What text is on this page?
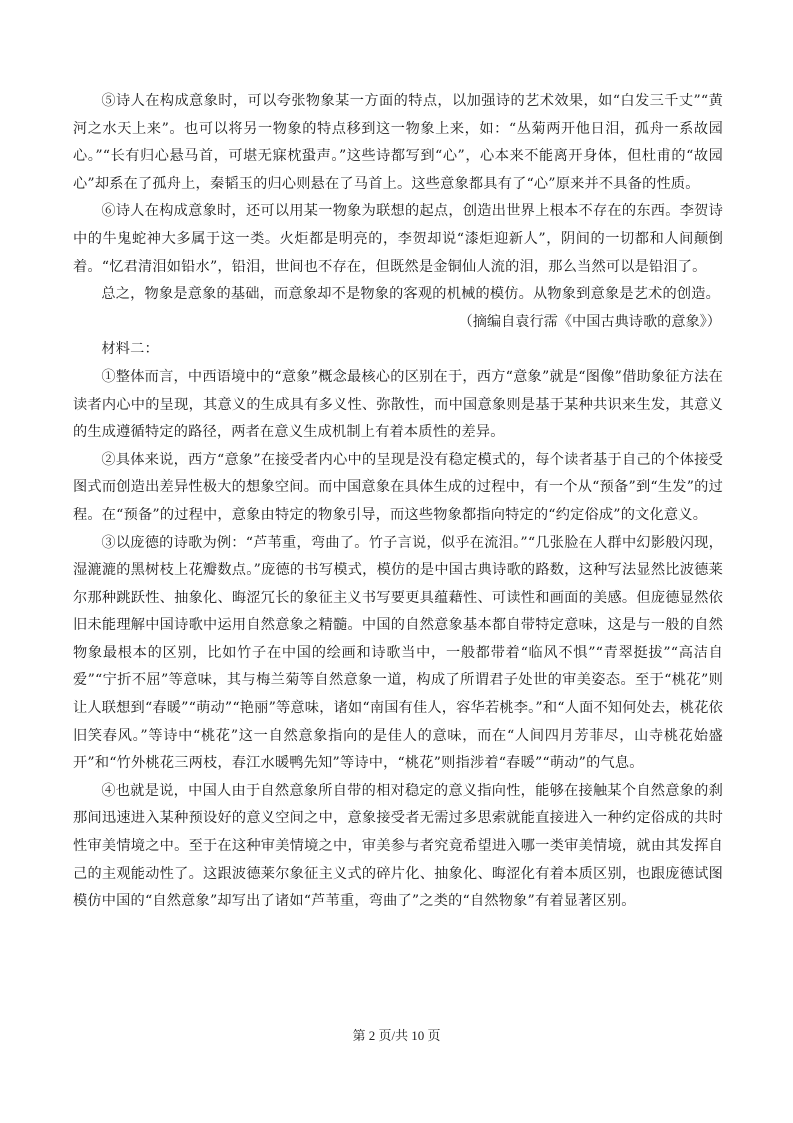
⑤诗人在构成意象时，可以夸张物象某一方面的特点，以加强诗的艺术效果，如“白发三千丈”“黄河之水天上来”。也可以将另一物象的特点移到这一物象上来，如：“丛菊两开他日泪，孤舟一系故园心。”“长有归心悬马首，可堪无寐枕蛩声。”这些诗都写到“心”，心本来不能离开身体，但杜甫的“故园心”却系在了孤舟上，秦韬玉的归心则悬在了马首上。这些意象都具有了“心”原来并不具备的性质。

⑥诗人在构成意象时，还可以用某一物象为联想的起点，创造出世界上根本不存在的东西。李贺诗中的牛鬼蛇神大多属于这一类。火炬都是明亮的，李贺却说“漆炬迎新人”，阴间的一切都和人间颠倒着。“忆君清泪如铅水”，铅泪，世间也不存在，但既然是金铜仙人流的泪，那么当然可以是铅泪了。

总之，物象是意象的基础，而意象却不是物象的客观的机械的模仿。从物象到意象是艺术的创造。

（摘编自袁行霈《中国古典诗歌的意象》）

材料二：

①整体而言，中西语境中的“意象”概念最核心的区别在于，西方“意象”就是“图像”借助象征方法在读者内心中的呈现，其意义的生成具有多义性、弥散性，而中国意象则是基于某种共识来生发，其意义的生成遵循特定的路径，两者在意义生成机制上有着本质性的差异。

②具体来说，西方“意象”在接受者内心中的呈现是没有稳定模式的，每个读者基于自己的个体接受图式而创造出差异性极大的想象空间。而中国意象在具体生成的过程中，有一个从“预备”到“生发”的过程。在“预备”的过程中，意象由特定的物象引导，而这些物象都指向特定的“约定俗成”的文化意义。

③以庞德的诗歌为例：“芦苇重，弯曲了。竹子言说，似乎在流泪。”“几张脸在人群中幻影般闪现，湿漉漉的黑树枝上花瓣数点。”庞德的书写模式，模仿的是中国古典诗歌的路数，这种写法显然比波德莱尔那种跳跃性、抽象化、晦涩冗长的象征主义书写要更具蕴藉性、可读性和画面的美感。但庞德显然依旧未能理解中国诗歌中运用自然意象之精髓。中国的自然意象基本都自带特定意味，这是与一般的自然物象最根本的区别，比如竹子在中国的绘画和诗歌当中，一般都带着“临风不惧”“青翠挺拔”“高洁自爱”“宁折不屈”等意味，其与梅兰菊等自然意象一道，构成了所谓君子处世的审美姿态。至于“桃花”则让人联想到“春暖”“萌动”“艳丽”等意味，诸如“南国有佳人，容华若桃李。”和“人面不知何处去，桃花依旧笑春风。”等诗中“桃花”这一自然意象指向的是佳人的意味，而在“人间四月芳菲尽，山寺桃花始盛开”和“竹外桃花三两枝，春江水暖鸭先知”等诗中，“桃花”则指涉着“春暖”“萌动”的气息。

④也就是说，中国人由于自然意象所自带的相对稳定的意义指向性，能够在接触某个自然意象的刹那间迅速进入某种预设好的意义空间之中，意象接受者无需过多思索就能直接进入一种约定俗成的共时性审美情境之中。至于在这种审美情境之中，审美参与者究竟希望进入哪一类审美情境，就由其发挥自己的主观能动性了。这跟波德莱尔象征主义式的碎片化、抽象化、晦涩化有着本质区别，也跟庞德试图模仿中国的“自然意象”却写出了诸如“芦苇重，弯曲了”之类的“自然物象”有着显著区别。

第 2 页/共 10 页
